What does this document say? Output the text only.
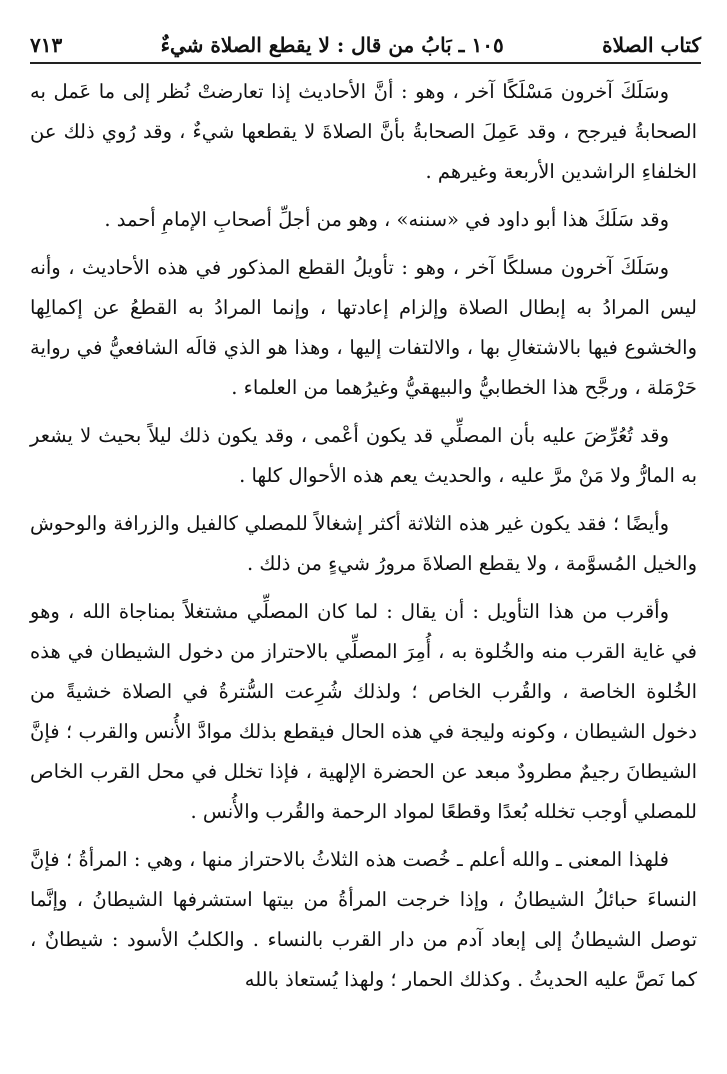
كتاب الصلاة
١٠٥ ـ بَابُ من قال : لا يقطع الصلاة شيءٌ
٧١٣

وسَلَكَ آخرون مَسْلَكًا آخر ، وهو : أنَّ الأحاديث إذا تعارضتْ نُظر إلى ما عَمل به الصحابةُ فيرجح ، وقد عَمِلَ الصحابةُ بأنَّ الصلاةَ لا يقطعها شيءٌ ، وقد رُوي ذلك عن الخلفاءِ الراشدين الأربعة وغيرهم .

وقد سَلَكَ هذا أبو داود في «سننه» ، وهو من أجلِّ أصحابِ الإمامِ أحمد .

وسَلَكَ آخرون مسلكًا آخر ، وهو : تأويلُ القطع المذكور في هذه الأحاديث ، وأنه ليس المرادُ به إبطال الصلاة وإلزام إعادتها ، وإنما المرادُ به القطعُ عن إكمالِها والخشوع فيها بالاشتغالِ بها ، والالتفات إليها ، وهذا هو الذي قالَه الشافعيُّ في رواية حَرْمَلة ، ورجَّح هذا الخطابيُّ والبيهقيُّ وغيرُهما من العلماء .

وقد تُعُرِّضَ عليه بأن المصلِّي قد يكون أعْمى ، وقد يكون ذلك ليلاً بحيث لا يشعر به المارُّ ولا مَنْ مرَّ عليه ، والحديث يعم هذه الأحوال كلها .

وأيضًا ؛ فقد يكون غير هذه الثلاثة أكثر إشغالاً للمصلي كالفيل والزرافة والوحوش والخيل المُسوَّمة ، ولا يقطع الصلاةَ مرورُ شيءٍ من ذلك .

وأقرب من هذا التأويل : أن يقال : لما كان المصلِّي مشتغلاً بمناجاة الله ، وهو في غاية القرب منه والخُلوة به ، أُمِرَ المصلِّي بالاحتراز من دخول الشيطان في هذه الخُلوة الخاصة ، والقُرب الخاص ؛ ولذلك شُرِعت السُّترةُ في الصلاة خشيةً من دخول الشيطان ، وكونه وليجة في هذه الحال فيقطع بذلك موادَّ الأُنس والقرب ؛ فإنَّ الشيطانَ رجيمٌ مطرودٌ مبعد عن الحضرة الإلهية ، فإذا تخلل في محل القرب الخاص للمصلي أوجب تخلله بُعدًا وقطعًا لمواد الرحمة والقُرب والأُنس .

فلهذا المعنى ـ والله أعلم ـ خُصت هذه الثلاثُ بالاحتراز منها ، وهي : المرأةُ ؛ فإنَّ النساءَ حبائلُ الشيطانُ ، وإذا خرجت المرأةُ من بيتها استشرفها الشيطانُ ، وإنَّما توصل الشيطانُ إلى إبعاد آدم من دار القرب بالنساء . والكلبُ الأسود : شيطانٌ ، كما نَصَّ عليه الحديثُ . وكذلك الحمار ؛ ولهذا يُستعاذ بالله
